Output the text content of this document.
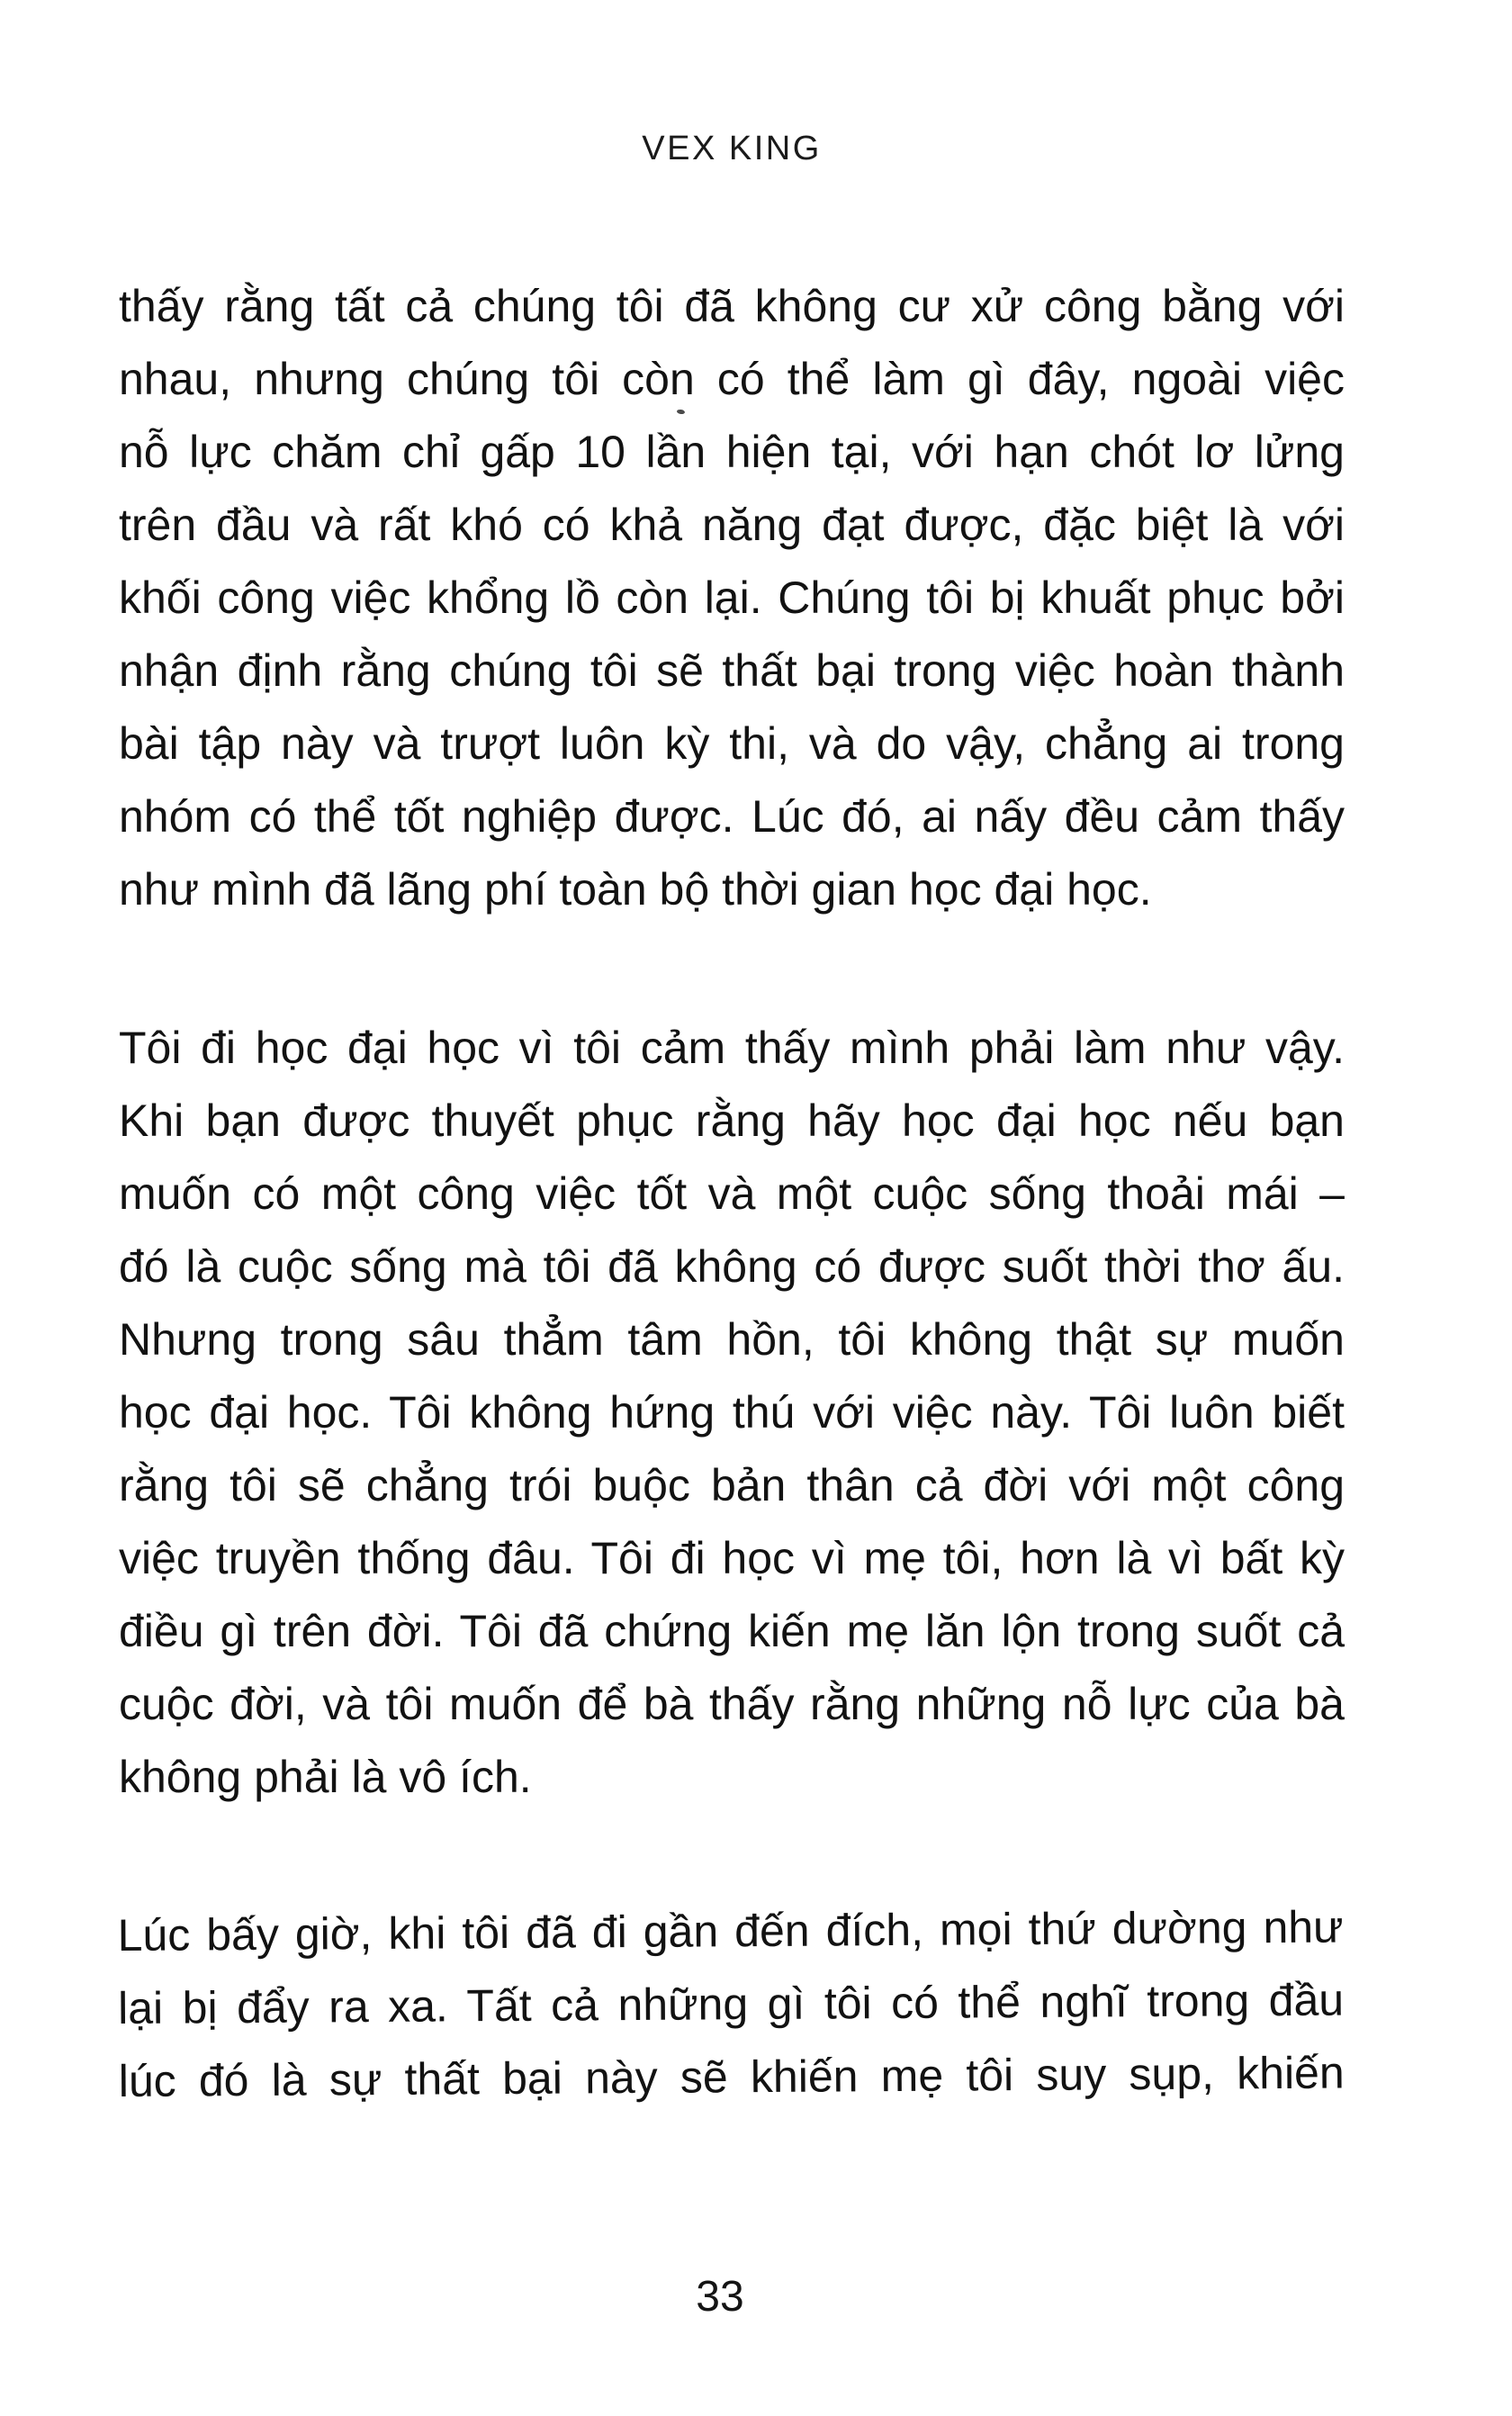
VEX KING
thấy rằng tất cả chúng tôi đã không cư xử công bằng với
nhau, nhưng chúng tôi còn có thể làm gì đây, ngoài việc
nỗ lực chăm chỉ gấp 10 lần hiện tại, với hạn chót lơ lửng
trên đầu và rất khó có khả năng đạt được, đặc biệt là với
khối công việc khổng lồ còn lại. Chúng tôi bị khuất phục bởi
nhận định rằng chúng tôi sẽ thất bại trong việc hoàn thành
bài tập này và trượt luôn kỳ thi, và do vậy, chẳng ai trong
nhóm có thể tốt nghiệp được. Lúc đó, ai nấy đều cảm thấy
như mình đã lãng phí toàn bộ thời gian học đại học.
Tôi đi học đại học vì tôi cảm thấy mình phải làm như vậy.
Khi bạn được thuyết phục rằng hãy học đại học nếu bạn
muốn có một công việc tốt và một cuộc sống thoải mái –
đó là cuộc sống mà tôi đã không có được suốt thời thơ ấu.
Nhưng trong sâu thẳm tâm hồn, tôi không thật sự muốn
học đại học. Tôi không hứng thú với việc này. Tôi luôn biết
rằng tôi sẽ chẳng trói buộc bản thân cả đời với một công
việc truyền thống đâu. Tôi đi học vì mẹ tôi, hơn là vì bất kỳ
điều gì trên đời. Tôi đã chứng kiến mẹ lăn lộn trong suốt cả
cuộc đời, và tôi muốn để bà thấy rằng những nỗ lực của bà
không phải là vô ích.
Lúc bấy giờ, khi tôi đã đi gần đến đích, mọi thứ dường như
lại bị đẩy ra xa. Tất cả những gì tôi có thể nghĩ trong đầu
lúc đó là sự thất bại này sẽ khiến mẹ tôi suy sụp, khiến
33
